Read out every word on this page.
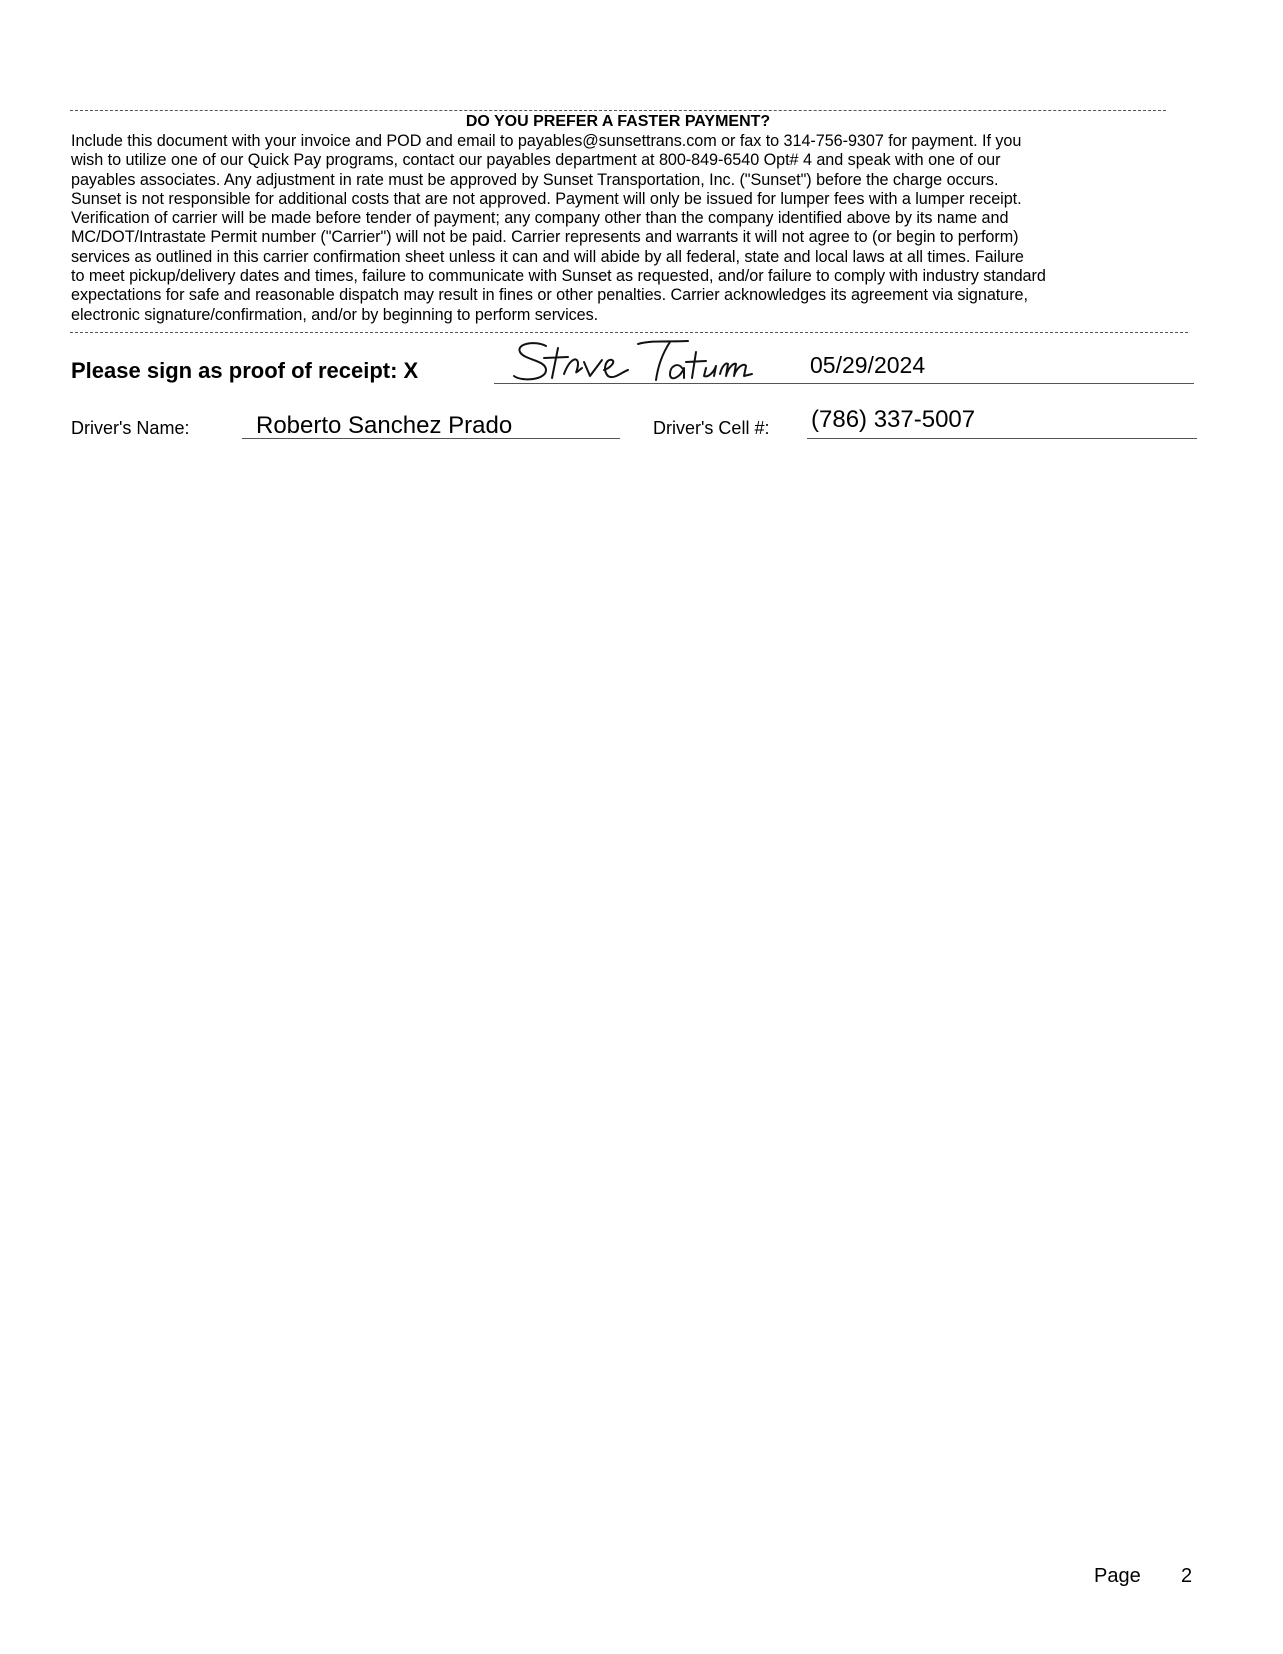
DO YOU PREFER A FASTER PAYMENT?
Include this document with your invoice and POD and email to payables@sunsettrans.com or fax to 314-756-9307 for payment. If you
wish to utilize one of our Quick Pay programs, contact our payables department at 800-849-6540 Opt# 4 and speak with one of our
payables associates. Any adjustment in rate must be approved by Sunset Transportation, Inc. ("Sunset") before the charge occurs.
Sunset is not responsible for additional costs that are not approved. Payment will only be issued for lumper fees with a lumper receipt.
Verification of carrier will be made before tender of payment; any company other than the company identified above by its name and
MC/DOT/Intrastate Permit number ("Carrier") will not be paid. Carrier represents and warrants it will not agree to (or begin to perform)
services as outlined in this carrier confirmation sheet unless it can and will abide by all federal, state and local laws at all times. Failure
to meet pickup/delivery dates and times, failure to communicate with Sunset as requested, and/or failure to comply with industry standard
expectations for safe and reasonable dispatch may result in fines or other penalties. Carrier acknowledges its agreement via signature,
electronic signature/confirmation, and/or by beginning to perform services.
Please sign as proof of receipt: X	05/29/2024
Driver's Name:	Roberto Sanchez Prado	Driver's Cell #: (786) 337-5007
Page 2
